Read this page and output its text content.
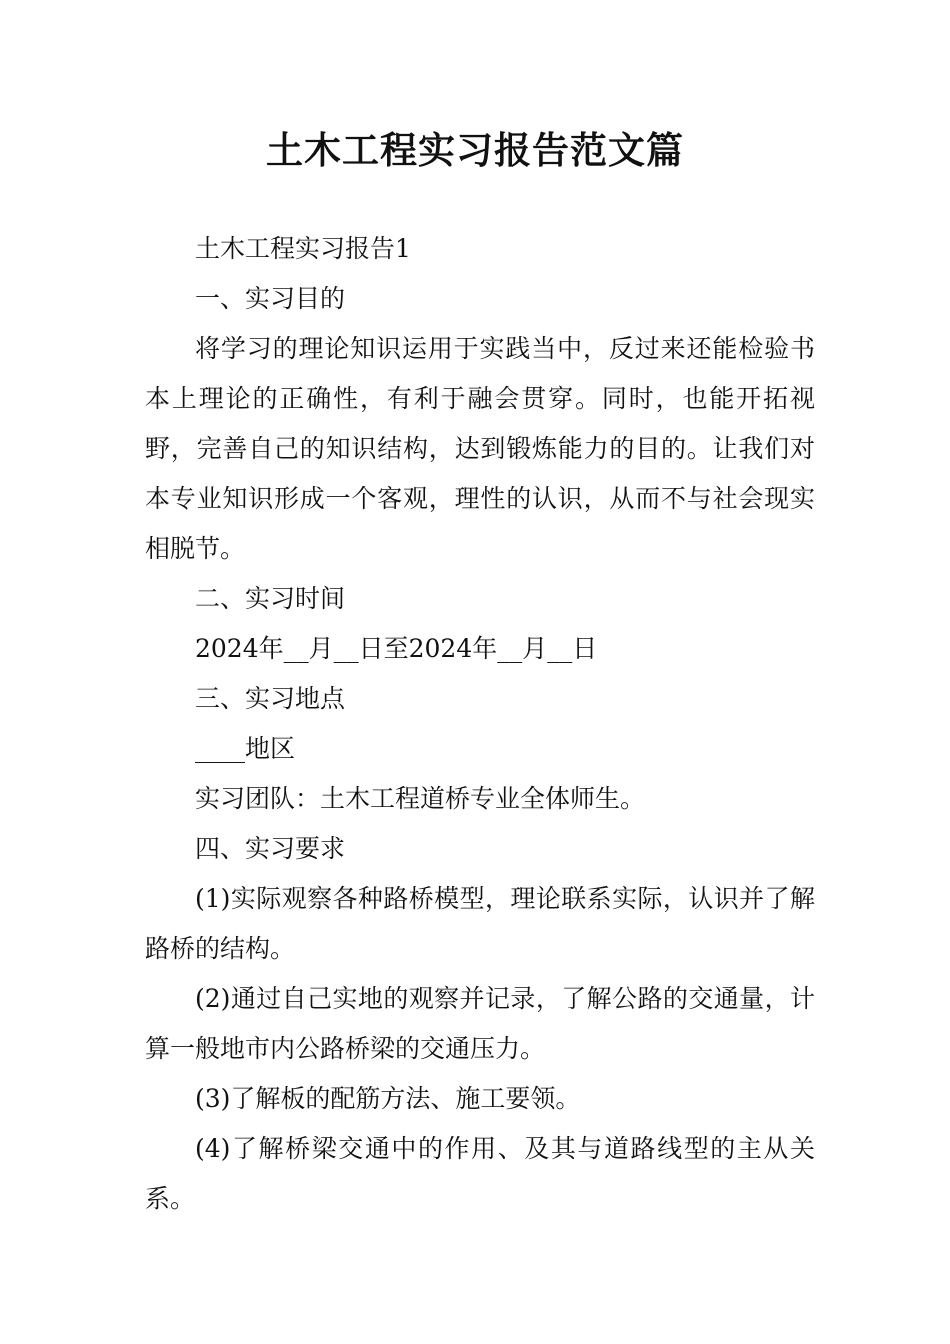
土木工程实习报告范文篇

土木工程实习报告1

一、实习目的

将学习的理论知识运用于实践当中，反过来还能检验书本上理论的正确性，有利于融会贯穿。同时，也能开拓视野，完善自己的知识结构，达到锻炼能力的目的。让我们对本专业知识形成一个客观，理性的认识，从而不与社会现实相脱节。

二、实习时间

2024年__月__日至2024年__月__日

三、实习地点

____地区

实习团队：土木工程道桥专业全体师生。

四、实习要求

(1)实际观察各种路桥模型，理论联系实际，认识并了解路桥的结构。

(2)通过自己实地的观察并记录，了解公路的交通量，计算一般地市内公路桥梁的交通压力。

(3)了解板的配筋方法、施工要领。

(4)了解桥梁交通中的作用、及其与道路线型的主从关系。
